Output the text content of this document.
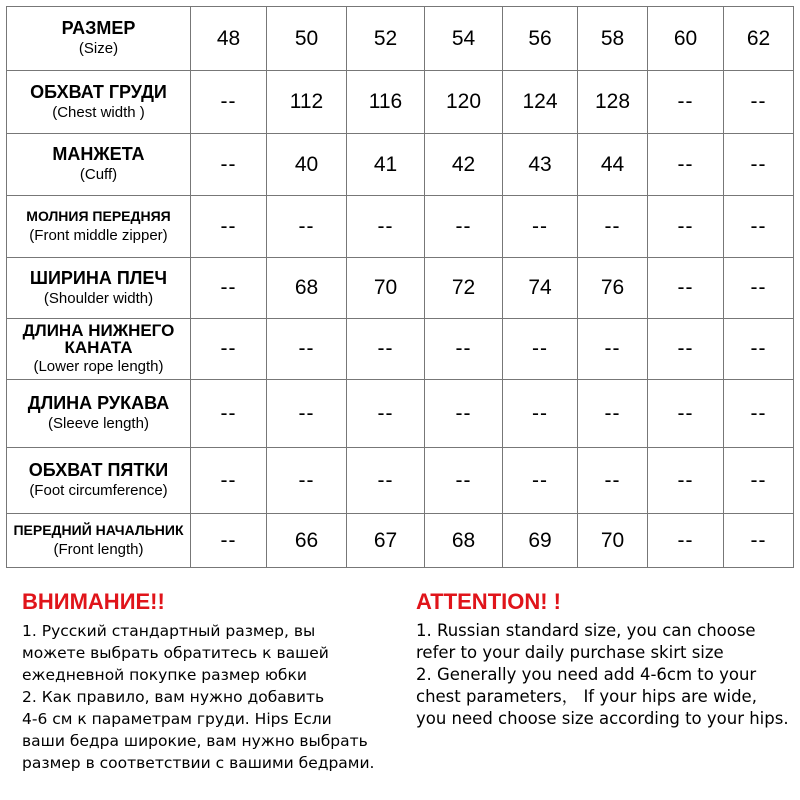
РАЗМЕР
(Size)	48	50	52	54	56	58	60	62

ОБХВАТ ГРУДИ
(Chest width )	--	112	116	120	124	128	--	--

МАНЖЕТА
(Cuff)	--	40	41	42	43	44	--	--

МОЛНИЯ ПЕРЕДНЯЯ
(Front middle zipper)	--	--	--	--	--	--	--	--

ШИРИНА ПЛЕЧ
(Shoulder width)	--	68	70	72	74	76	--	--

ДЛИНА НИЖНЕГО КАНАТА
(Lower rope length)	--	--	--	--	--	--	--	--

ДЛИНА РУКАВА
(Sleeve length)	--	--	--	--	--	--	--	--

ОБХВАТ ПЯТКИ
(Foot circumference)	--	--	--	--	--	--	--	--

ПЕРЕДНИЙ НАЧАЛЬНИК
(Front length)	--	66	67	68	69	70	--	--
ВНИМАНИЕ!!
1. Русский стандартный размер, вы
можете выбрать обратитесь к вашей
ежедневной покупке размер юбки
2. Как правило, вам нужно добавить
4-6 см к параметрам груди. Hips Если
ваши бедра широкие, вам нужно выбрать
размер в соответствии с вашими бедрами.
ATTENTION! !
1. Russian standard size, you can choose
refer to your daily purchase skirt size
2. Generally you need add 4-6cm to your
chest parameters， If your hips are wide,
you need choose size according to your hips.
